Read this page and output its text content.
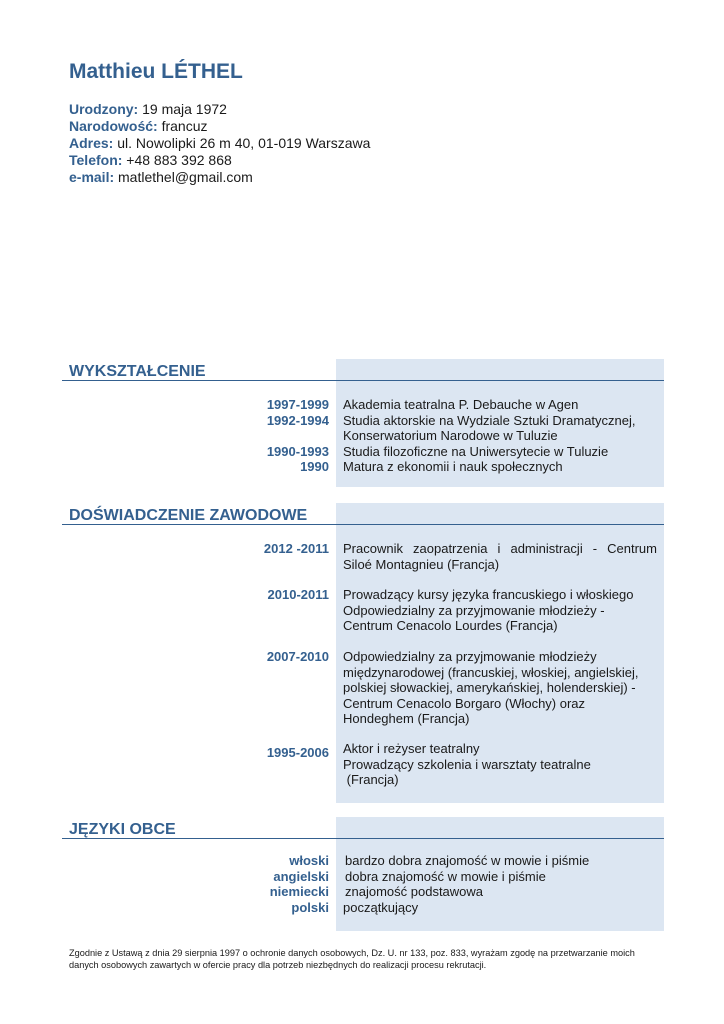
Matthieu LÉTHEL
Urodzony: 19 maja 1972
Narodowość: francuz
Adres: ul. Nowolipki 26 m 40, 01-019 Warszawa
Telefon: +48 883 392 868
e-mail: matlethel@gmail.com
WYKSZTAŁCENIE
1997-1999 Akademia teatralna P. Debauche w Agen
1992-1994 Studia aktorskie na Wydziale Sztuki Dramatycznej,
Konserwatorium Narodowe w Tuluzie
1990-1993 Studia filozoficzne na Uniwersytecie w Tuluzie
1990 Matura z ekonomii i nauk społecznych
DOŚWIADCZENIE ZAWODOWE
2012 -2011 Pracownik zaopatrzenia i administracji - Centrum
Siloé Montagnieu (Francja)
2010-2011 Prowadzący kursy języka francuskiego i włoskiego
Odpowiedzialny za przyjmowanie młodzieży -
Centrum Cenacolo Lourdes (Francja)
2007-2010 Odpowiedzialny za przyjmowanie młodzieży
międzynarodowej (francuskiej, włoskiej, angielskiej,
polskiej słowackiej, amerykańskiej, holenderskiej) -
Centrum Cenacolo Borgaro (Włochy) oraz
Hondeghem (Francja)
1995-2006 Aktor i reżyser teatralny
Prowadzący szkolenia i warsztaty teatralne
(Francja)
JĘZYKI OBCE
włoski bardzo dobra znajomość w mowie i piśmie
angielski dobra znajomość w mowie i piśmie
niemiecki znajomość podstawowa
polski początkujący
Zgodnie z Ustawą z dnia 29 sierpnia 1997 o ochronie danych osobowych, Dz. U. nr 133, poz. 833, wyrażam zgodę na przetwarzanie moich danych osobowych zawartych w ofercie pracy dla potrzeb niezbędnych do realizacji procesu rekrutacji.
